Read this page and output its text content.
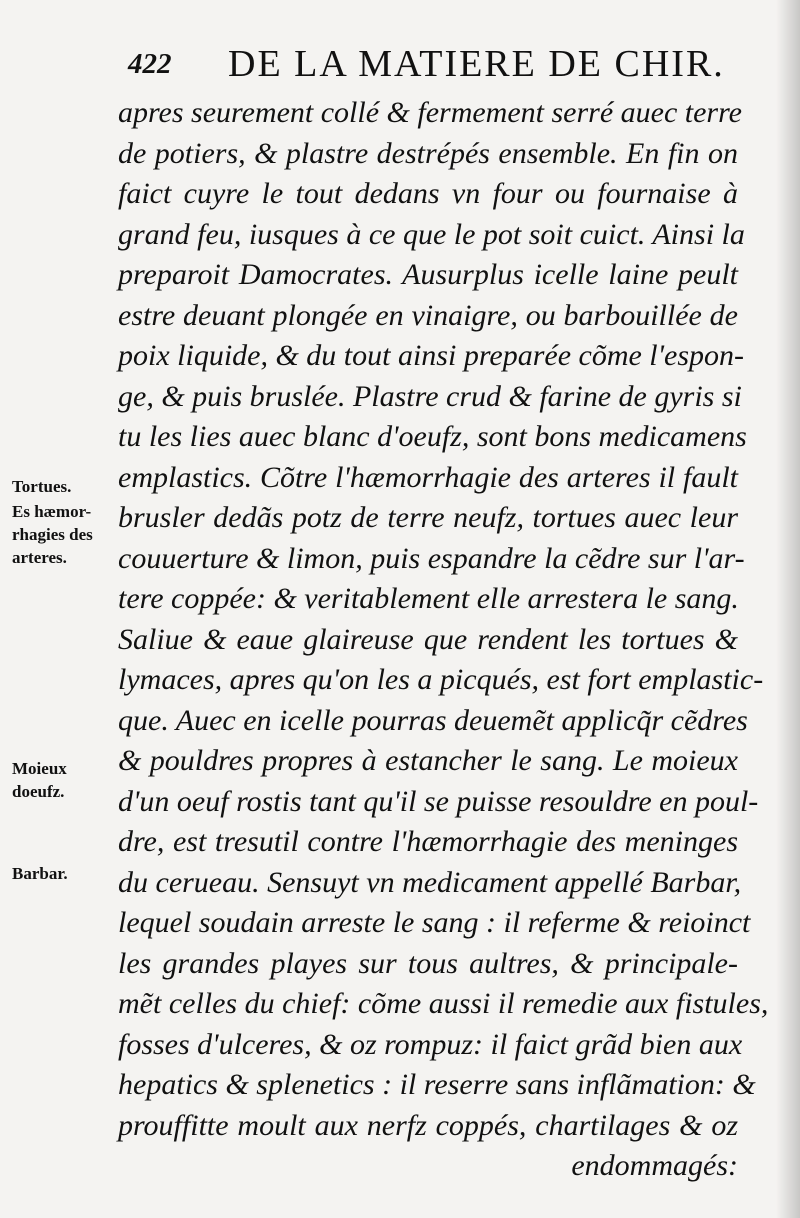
422 DE LA MATIERE DE CHIR.
apres seurement collé & fermement serré auec terre
de potiers, & plastre destrépés ensemble. En fin on
faict cuyre le tout dedans vn four ou fournaise à
grand feu, iusques à ce que le pot soit cuict. Ainsi la
preparoit Damocrates. Ausurplus icelle laine peult
estre deuant plongée en vinaigre, ou barbouillée de
poix liquide, & du tout ainsi preparée cõme l'espon-
ge, & puis bruslée. Plastre crud & farine de gyris si
tu les lies auec blanc d'oeufz, sont bons medicamens
emplastics. Cõtre l'hæmorrhagie des arteres il fault
brusler dedãs potz de terre neufz, tortues auec leur
couuerture & limon, puis espandre la cẽdre sur l'ar-
tere coppée: & veritablement elle arrestera le sang.
Saliue & eaue glaireuse que rendent les tortues &
lymaces, apres qu'on les a picqués, est fort emplastic-
que. Auec en icelle pourras deuemẽt applicq̃r cẽdres
& pouldres propres à estancher le sang. Le moieux
d'un oeuf rostis tant qu'il se puisse resouldre en poul-
dre, est tresutil contre l'hæmorrhagie des meninges
du cerueau. Sensuyt vn medicament appellé Barbar,
lequel soudain arreste le sang : il referme & reioinct
les grandes playes sur tous aultres, & principale-
mẽt celles du chief: cõme aussi il remedie aux fistules,
fosses d'ulceres, & oz rompuz: il faict grãd bien aux
hepatics & splenetics : il reserre sans inflãmation: &
prouffitte moult aux nerfz coppés, chartilages & oz
endommagés:
Tortues.
Es hæmor-
rhagies des
arteres.
Moieux
doeufz.
Barbar.
